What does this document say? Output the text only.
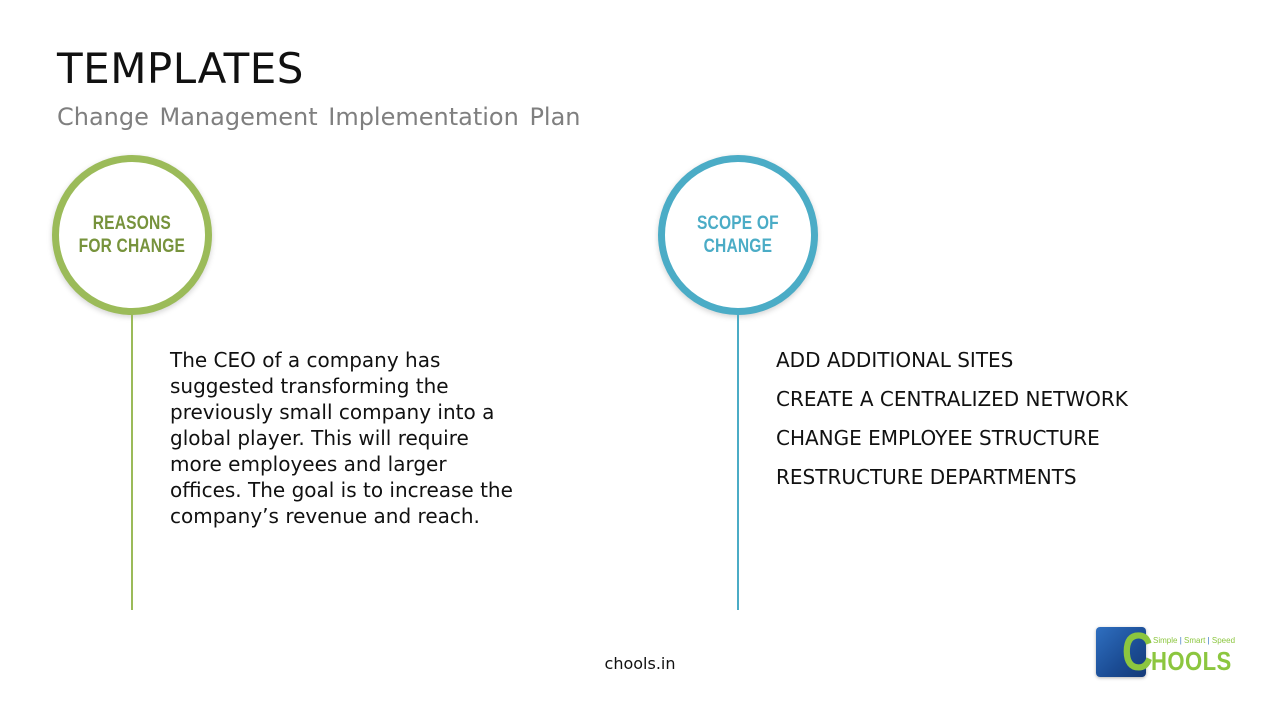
TEMPLATES
Change Management Implementation Plan
REASONS
FOR CHANGE
The CEO of a company has suggested transforming the previously small company into a global player. This will require more employees and larger offices. The goal is to increase the company’s revenue and reach.
SCOPE OF
CHANGE
ADD ADDITIONAL SITES
CREATE A CENTRALIZED NETWORK
CHANGE EMPLOYEE STRUCTURE
RESTRUCTURE DEPARTMENTS
chools.in	C Simple | Smart | Speed
HOOLS
